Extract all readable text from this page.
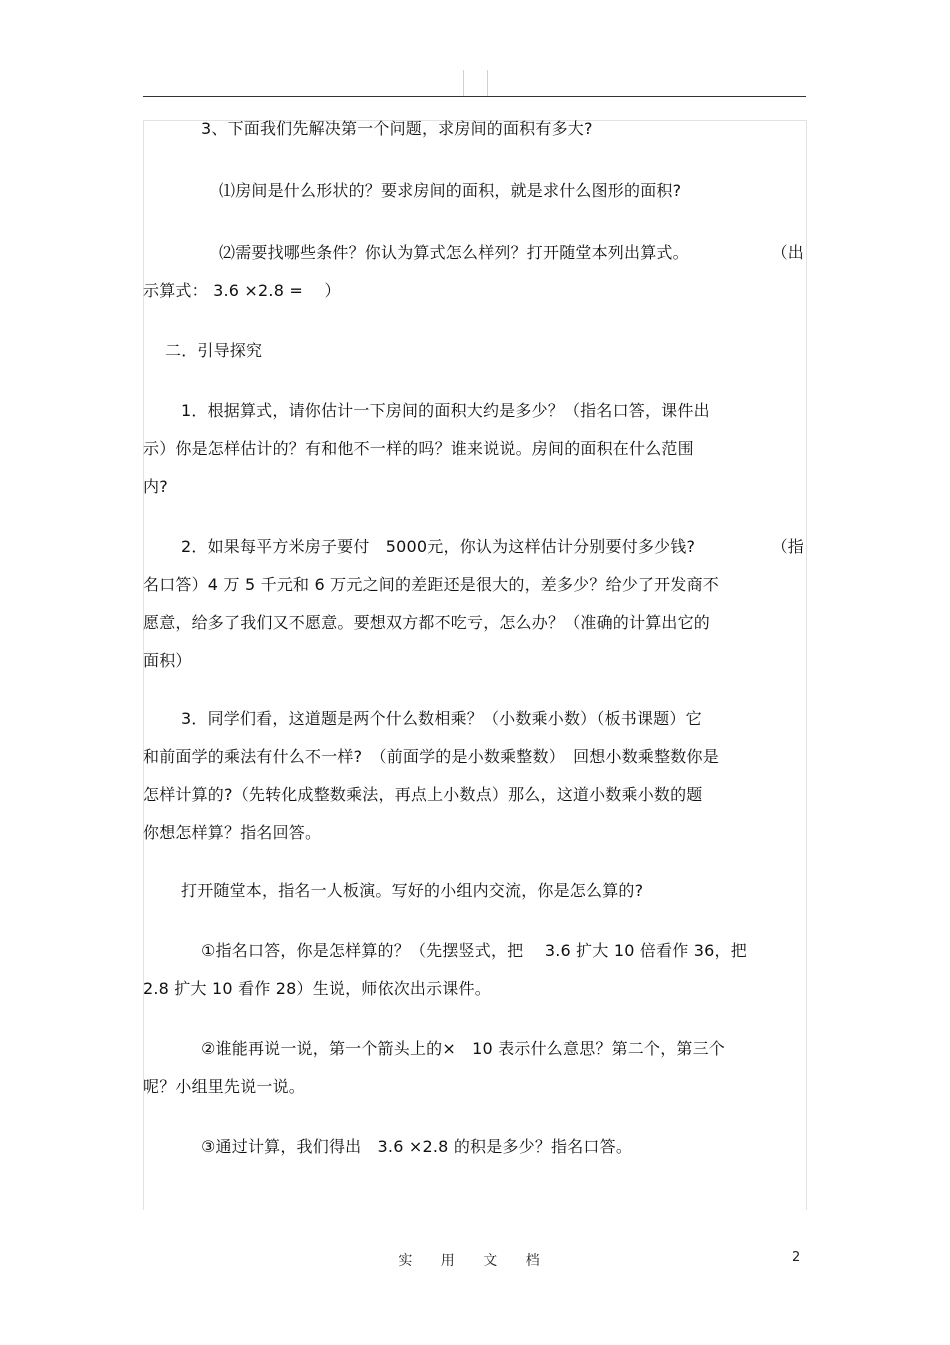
3、下面我们先解决第一个问题，求房间的面积有多大?

⑴房间是什么形状的？要求房间的面积，就是求什么图形的面积?

⑵需要找哪些条件？你认为算式怎么样列？打开随堂本列出算式。	（出

示算式： 3.6 ×2.8 =　 ）

二．引导探究

1．根据算式，请你估计一下房间的面积大约是多少？（指名口答，课件出

示）你是怎样估计的？有和他不一样的吗？谁来说说。房间的面积在什么范围

内?

2．如果每平方米房子要付　5000元，你认为这样估计分别要付多少钱?	（指

名口答）4 万 5 千元和 6 万元之间的差距还是很大的，差多少？给少了开发商不

愿意，给多了我们又不愿意。要想双方都不吃亏，怎么办？（准确的计算出它的

面积）

3．同学们看，这道题是两个什么数相乘？（小数乘小数）（板书课题）它

和前面学的乘法有什么不一样?　（前面学的是小数乘整数）　回想小数乘整数你是

怎样计算的?（先转化成整数乘法，再点上小数点）那么，这道小数乘小数的题

你想怎样算？指名回答。

打开随堂本，指名一人板演。写好的小组内交流，你是怎么算的?

①指名口答，你是怎样算的？（先摆竖式，把　 3.6 扩大 10 倍看作 36，把

2.8 扩大 10 看作 28）生说，师依次出示课件。

②谁能再说一说，第一个箭头上的×　10 表示什么意思？第二个，第三个

呢？小组里先说一说。

③通过计算，我们得出　3.6 ×2.8 的积是多少？指名口答。

实 用 文 档	2
